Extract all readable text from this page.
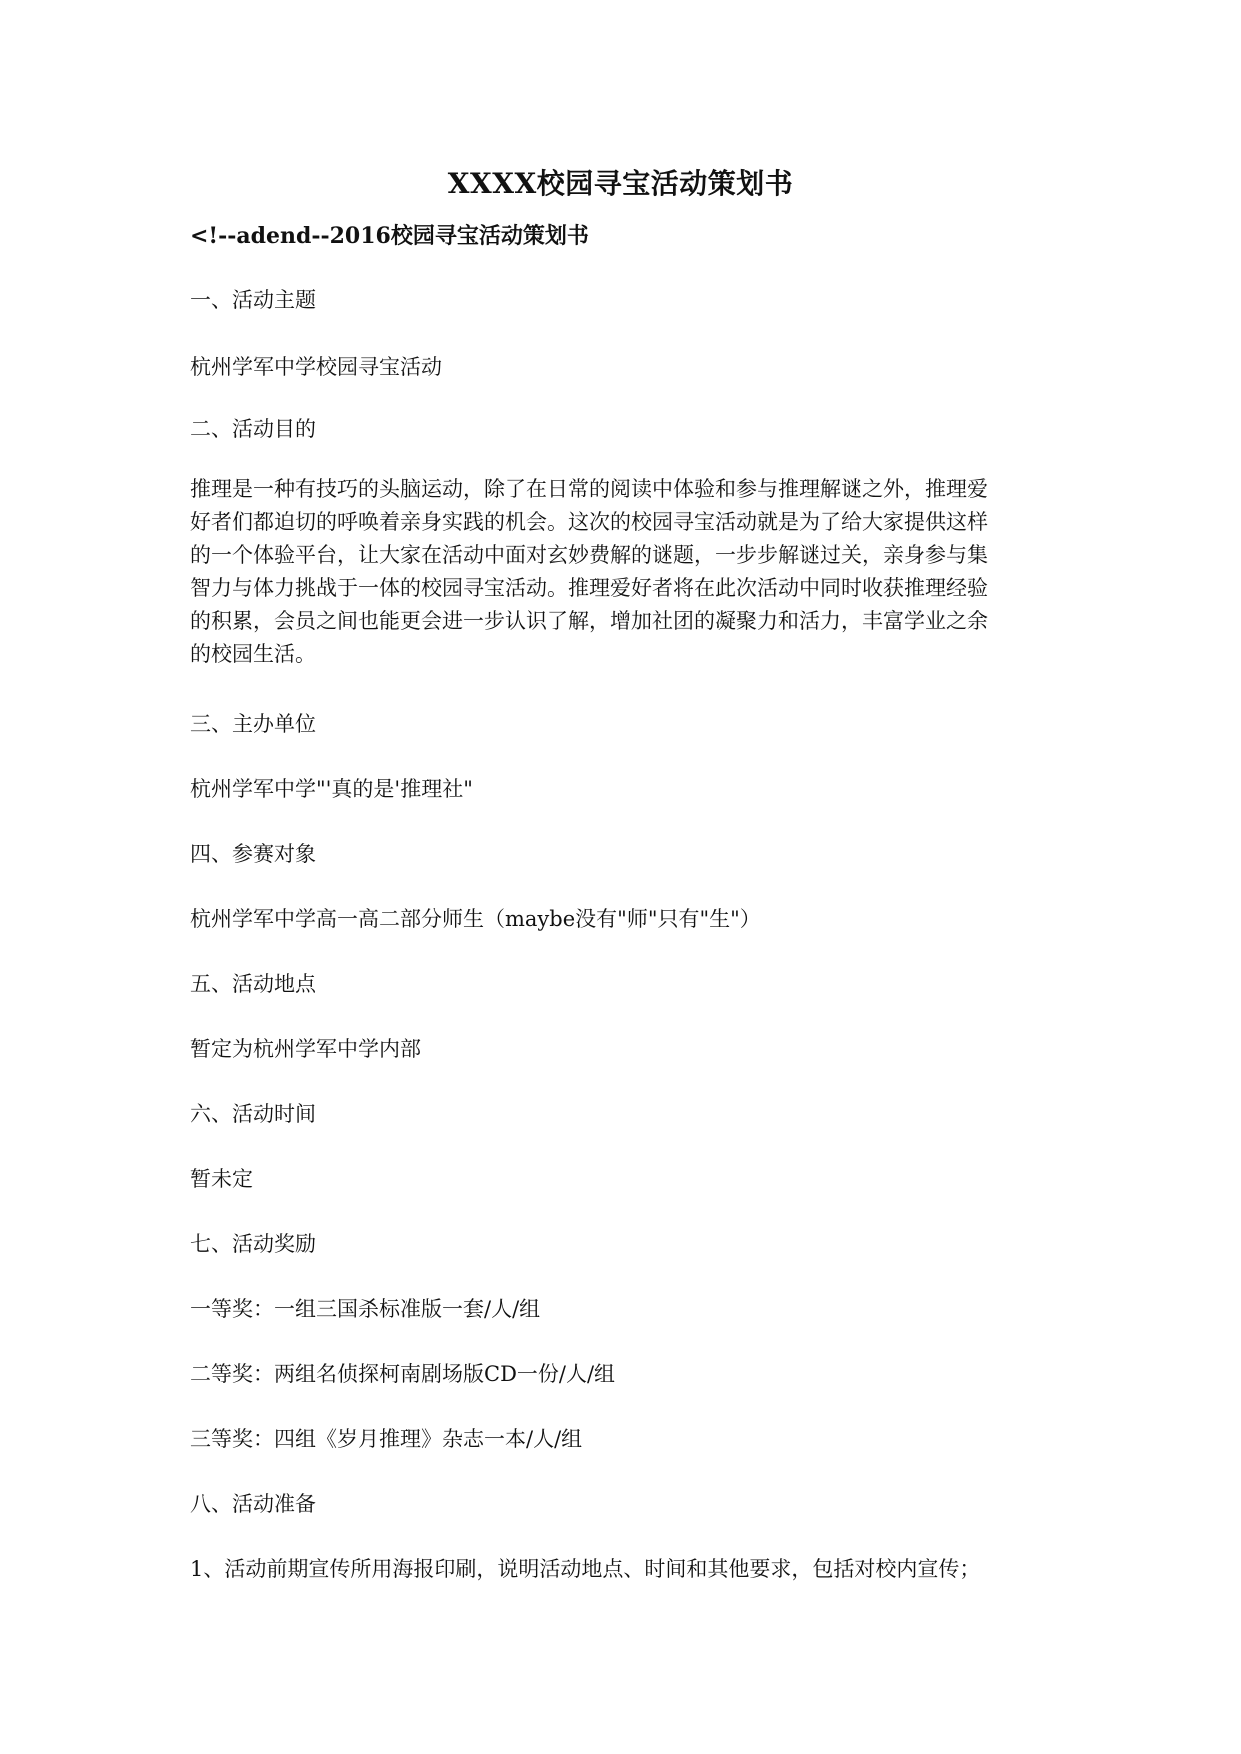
XXXX校园寻宝活动策划书

<!--adend--2016校园寻宝活动策划书

一、活动主题

杭州学军中学校园寻宝活动

二、活动目的

推理是一种有技巧的头脑运动，除了在日常的阅读中体验和参与推理解谜之外，推理爱
好者们都迫切的呼唤着亲身实践的机会。这次的校园寻宝活动就是为了给大家提供这样
的一个体验平台，让大家在活动中面对玄妙费解的谜题，一步步解谜过关，亲身参与集
智力与体力挑战于一体的校园寻宝活动。推理爱好者将在此次活动中同时收获推理经验
的积累，会员之间也能更会进一步认识了解，增加社团的凝聚力和活力，丰富学业之余
的校园生活。

三、主办单位

杭州学军中学"'真的是'推理社"

四、参赛对象

杭州学军中学高一高二部分师生（maybe没有"师"只有"生"）

五、活动地点

暂定为杭州学军中学内部

六、活动时间

暂未定

七、活动奖励

一等奖：一组三国杀标准版一套/人/组

二等奖：两组名侦探柯南剧场版CD一份/人/组

三等奖：四组《岁月推理》杂志一本/人/组

八、活动准备

1、活动前期宣传所用海报印刷，说明活动地点、时间和其他要求，包括对校内宣传；
